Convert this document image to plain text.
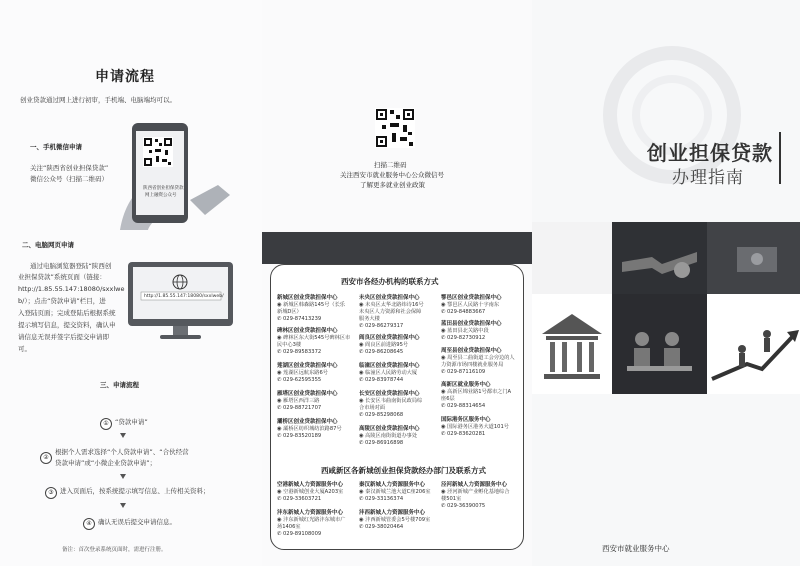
申请流程
创业贷款通过网上进行初审，手机端、电脑端均可以。
一、手机微信申请
关注“陕西省创业担保贷款”
微信公众号（扫描二维码）
陕西省创业担保贷款
网上融资公众号
二、电脑网页申请
通过电脑浏览器登陆“陕西创
业担保贷款”系统页面（链接：
http://1.85.55.147:18080/sxxlwe
b/）；点击“贷款申请”栏目，进
入登陆页面；完成登陆后根据系统
提示填写信息，提交资料，确认申
请信息无误并签字后提交申请即
可。
http://1.85.55.147:18080/sxxlweb/
三、申请流程
① “贷款申请”
②
根据个人需求选择“个人贷款申请”、“合伙经营
贷款申请”或“小微企业贷款申请”；
③ 进入页面后，按系统提示填写信息、上传相关资料；
④ 确认无误后提交申请信息。
备注：首次登录系统页面时，需进行注册。
扫描二维码
关注西安市就业服务中心公众微信号
了解更多就业创业政策
西安市各经办机构的联系方式
新城区创业贷款担保中心
◉ 新城区韩森路145号（长乐
新城D区）
✆ 029-87413239
碑林区创业贷款担保中心
◉ 碑林区东大街545号碑林区市
民中心3楼
✆ 029-89583372
莲湖区创业贷款担保中心
◉ 莲湖区远航东路6号
✆ 029-62595355
雁塔区创业贷款担保中心
◉ 雁塔区西洋三路
✆ 029-88721707
灞桥区创业贷款担保中心
◉ 灞桥区纺织城纺滨路87号
✆ 029-83520189
未央区创业贷款担保中心
◉ 未央区太华北路纬诗16号
未央区人力资源和社会保障
服务大楼
✆ 029-86279317
阎良区创业贷款担保中心
◉ 阎良区前进路95号
✆ 029-86208645
临潼区创业贷款担保中心
◉ 临潼区人民路劳动大厦
✆ 029-83978744
长安区创业贷款担保中心
◉ 长安区韦曲南街民政局综
合市场对面
✆ 029-85298068
高陵区创业贷款担保中心
◉ 高陵区南街街道办事处
✆ 029-86916898
鄠邑区创业贷款担保中心
◉ 鄠邑区人民路十字南东
✆ 029-84883667
蓝田县创业贷款担保中心
◉ 蓝田县北关路中段
✆ 029-82730912
周至县创业贷款担保中心
◉ 周至县二曲街道工会旁边的人
力资源市场四楼就业服务局
✆ 029-87116109
高新区就业服务中心
◉ 高新区锦业路1号都市之门A
座6层
✆ 029-88314654
国际港务区服务中心
◉ 国际港务区港务大道101号
✆ 029-83620281
西咸新区各新城创业担保贷款经办部门及联系方式
空港新城人力资源服务中心
◉ 空港新城创业大厦A203室
✆ 029-33603721
秦汉新城人力资源服务中心
◉ 秦汉新城兰池大道C座206室
✆ 029-33136374
泾河新城人力资源服务中心
◉ 泾河新城产业孵化基地综合
楼501室
✆ 029-36390075
沣东新城人力资源服务中心
◉ 沣东新城红光路沣东城市广
场1406室
✆ 029-89108009
沣西新城人力资源服务中心
◉ 沣西新城管委会5号楼709室
✆ 029-38020464
创业担保贷款
办理指南
西安市就业服务中心
